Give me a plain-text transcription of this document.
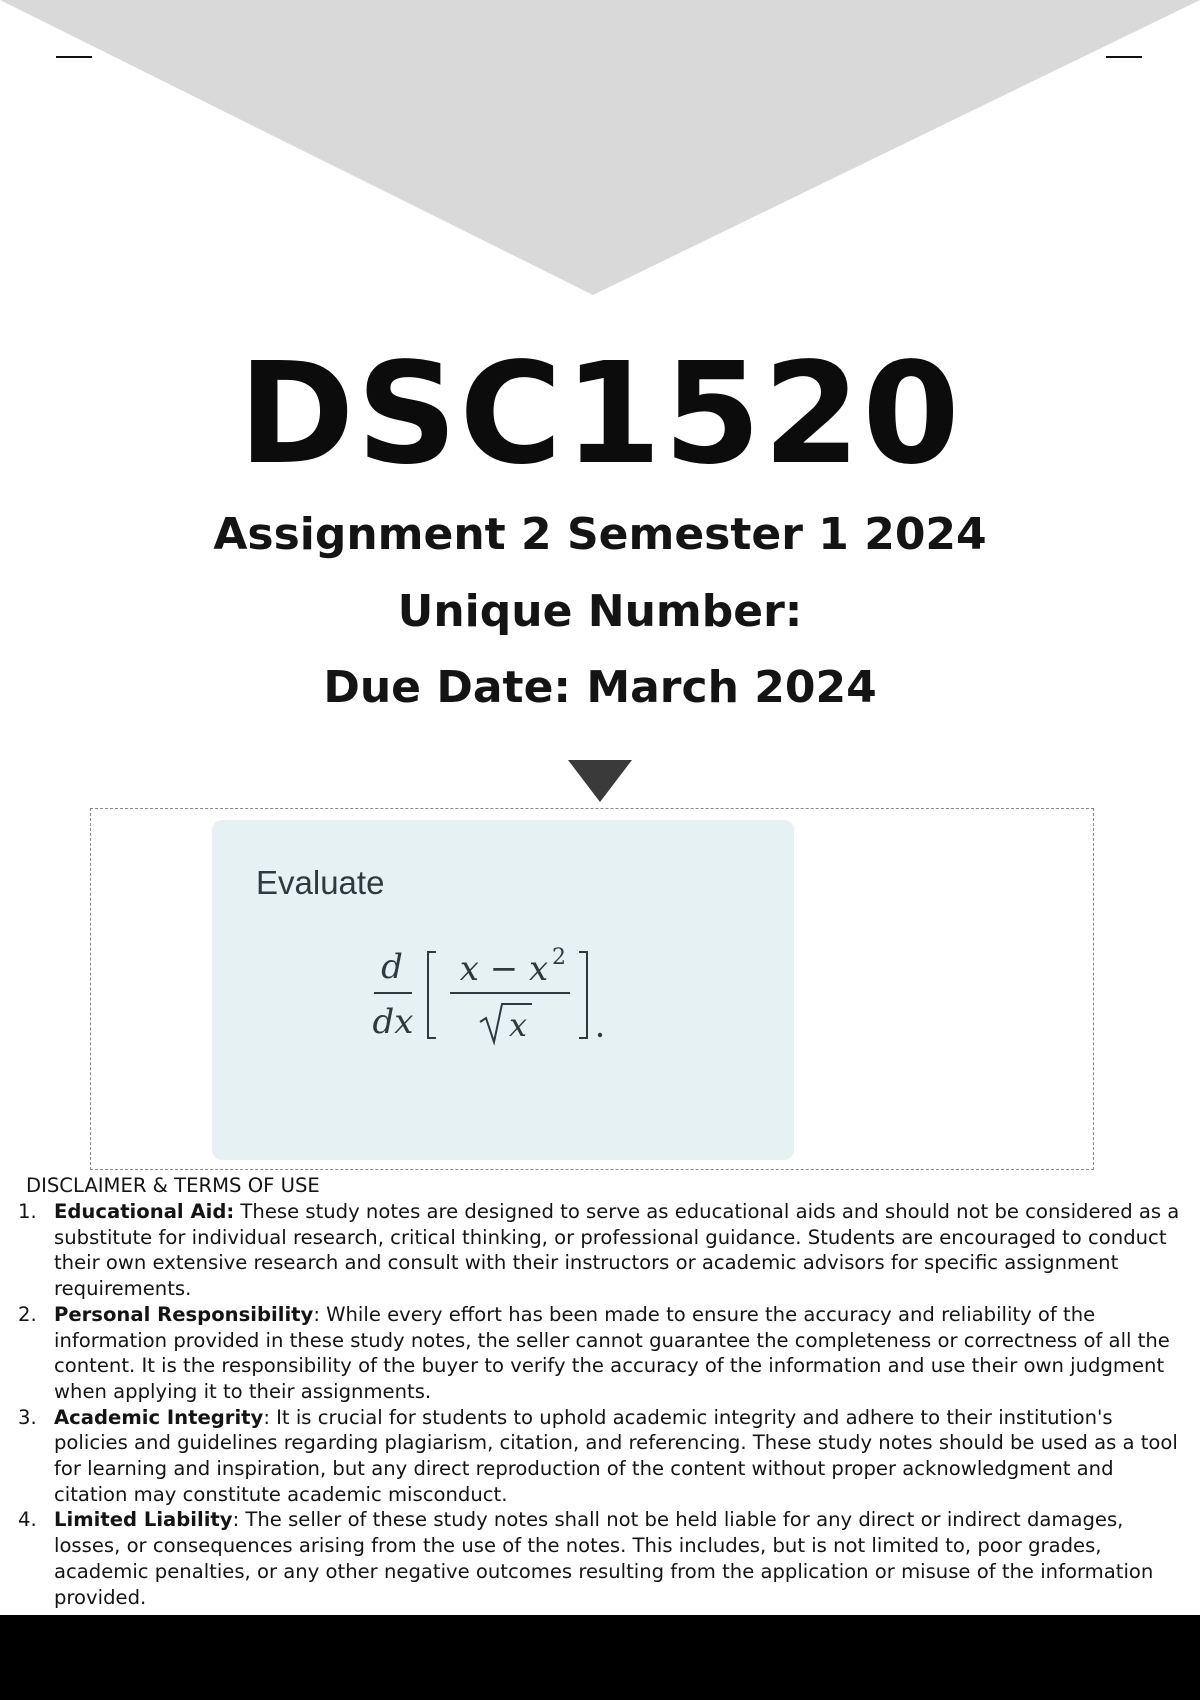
DSC1520
Assignment 2 Semester 1 2024
Unique Number:
Due Date: March 2024
Evaluate
d
dx
x − x 2
x
DISCLAIMER & TERMS OF USE
1. Educational Aid: These study notes are designed to serve as educational aids and should not be considered as a substitute for individual research, critical thinking, or professional guidance. Students are encouraged to conduct their own extensive research and consult with their instructors or academic advisors for specific assignment requirements.
2. Personal Responsibility: While every effort has been made to ensure the accuracy and reliability of the information provided in these study notes, the seller cannot guarantee the completeness or correctness of all the content. It is the responsibility of the buyer to verify the accuracy of the information and use their own judgment when applying it to their assignments.
3. Academic Integrity: It is crucial for students to uphold academic integrity and adhere to their institution's policies and guidelines regarding plagiarism, citation, and referencing. These study notes should be used as a tool for learning and inspiration, but any direct reproduction of the content without proper acknowledgment and citation may constitute academic misconduct.
4. Limited Liability: The seller of these study notes shall not be held liable for any direct or indirect damages, losses, or consequences arising from the use of the notes. This includes, but is not limited to, poor grades, academic penalties, or any other negative outcomes resulting from the application or misuse of the information provided.
